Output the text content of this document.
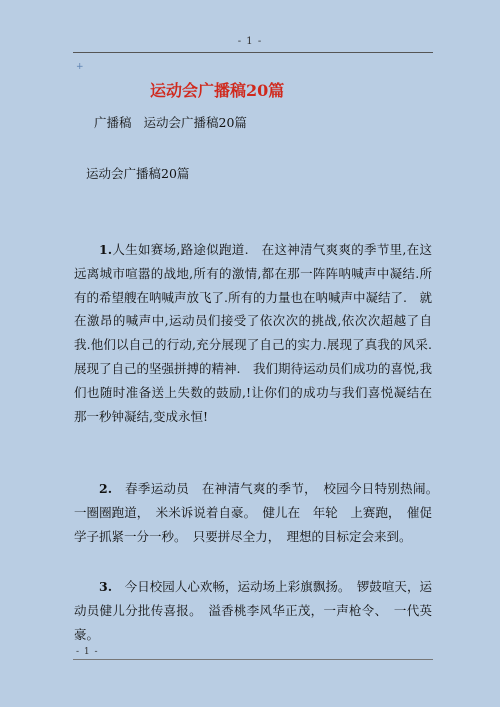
- 1 -
+
运动会广播稿20篇
广播稿 运动会广播稿20篇
运动会广播稿20篇

1.人生如赛场,路途似跑道.　在这神清气爽爽的季节里,在这远离城市喧嚣的战地,所有的激情,都在那一阵阵呐喊声中凝结.所有的希望艘在呐喊声放飞了.所有的力量也在呐喊声中凝结了.　就在激昂的喊声中,运动员们接受了依次次的挑战,依次次超越了自我.他们以自己的行动,充分展现了自己的实力.展现了真我的风采.展现了自己的坚强拼搏的精神.　我们期待运动员们成功的喜悦,我们也随时准备送上失数的鼓励,!让你们的成功与我们喜悦凝结在那一秒钟凝结,变成永恒!

2.　春季运动员　在神清气爽的季节，　校园今日特别热闹。　一圈圈跑道，　米米诉说着自豪。　健儿在　年轮　上赛跑，　催促学子抓紧一分一秒。　只要拼尽全力，　理想的目标定会来到。

3.　今日校园人心欢畅，运动场上彩旗飘扬。　锣鼓喧天，运动员健儿分批传喜报。　溢香桃李风华正茂，一声枪令、　一代英豪。

- 1 -
